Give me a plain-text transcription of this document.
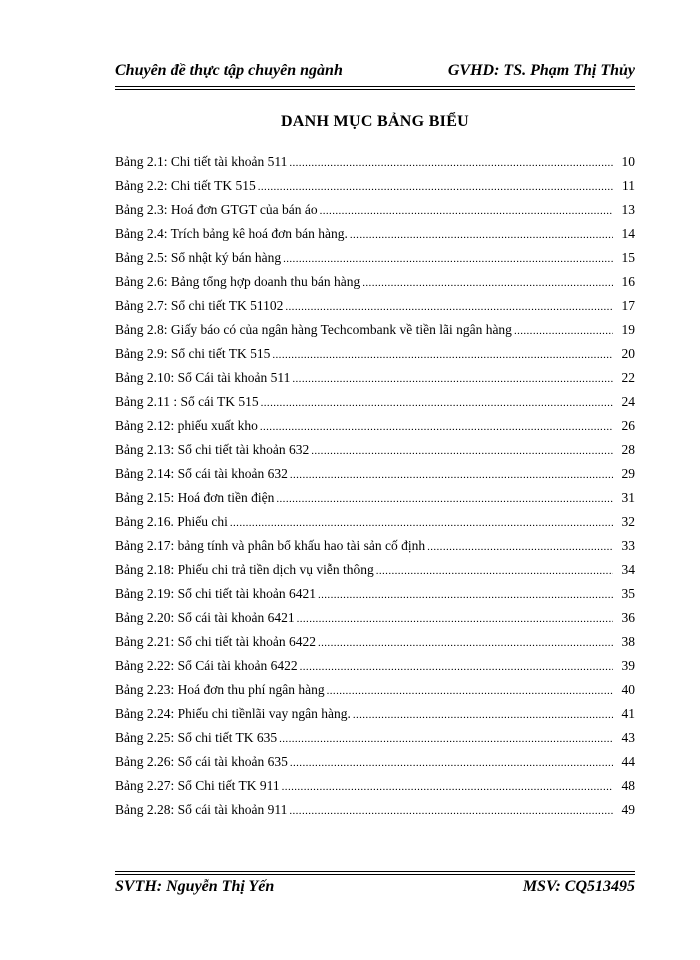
Chuyên đề thực tập chuyên ngành	GVHD: TS. Phạm Thị Thủy
DANH MỤC BẢNG BIỂU
Bảng 2.1: Chi tiết tài khoản 511 .....	10
Bảng 2.2: Chi tiết TK 515 .....	11
Bảng 2.3: Hoá đơn GTGT của bán áo .....	13
Bảng 2.4: Trích bảng kê hoá đơn bán hàng. .....	14
Bảng 2.5: Sổ nhật ký bán hàng .....	15
Bảng 2.6: Bảng tổng hợp doanh thu bán hàng .....	16
Bảng 2.7: Sổ chi tiết TK 51102 .....	17
Bảng 2.8: Giấy báo có của ngân hàng Techcombank về tiền lãi ngân hàng .....	19
Bảng 2.9: Sổ chi tiết TK 515 .....	20
Bảng 2.10: Sổ Cái tài khoản 511 .....	22
Bảng 2.11 : Sổ cái TK 515 .....	24
Bảng 2.12: phiếu xuất kho .....	26
Bảng 2.13: Sổ chi tiết tài khoản 632 .....	28
Bảng 2.14: Sổ cái tài khoản 632 .....	29
Bảng 2.15: Hoá đơn tiền điện .....	31
Bảng 2.16. Phiếu chi .....	32
Bảng 2.17: bảng tính và phân bổ khấu hao tài sản cố định .....	33
Bảng 2.18: Phiếu chi trả tiền dịch vụ viễn thông .....	34
Bảng 2.19: Sổ chi tiết tài khoản 6421 .....	35
Bảng 2.20: Sổ cái tài khoản 6421 .....	36
Bảng 2.21: Sổ chi tiết tài khoản 6422 .....	38
Bảng 2.22: Sổ Cái tài khoản 6422 .....	39
Bảng 2.23: Hoá đơn thu phí ngân hàng .....	40
Bảng 2.24: Phiếu chi tiềnlãi vay ngân hàng. .....	41
Bảng 2.25: Sổ chi tiết TK 635 .....	43
Bảng 2.26: Sổ cái tài khoản 635 .....	44
Bảng 2.27: Sổ Chi tiết TK 911 .....	48
Bảng 2.28: Sổ cái tài khoản 911 .....	49
SVTH: Nguyễn Thị Yến	MSV: CQ513495
